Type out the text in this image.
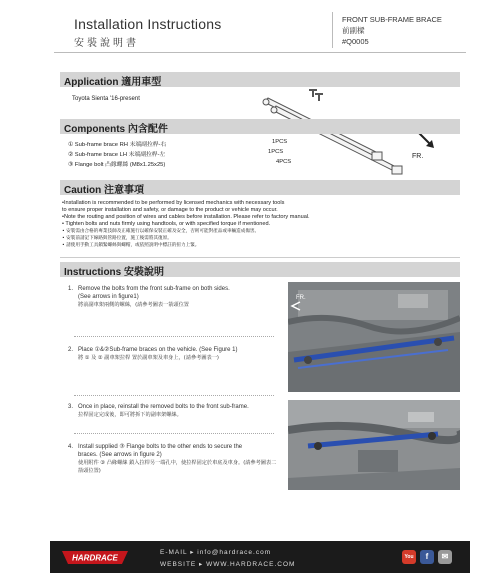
Installation Instructions
安裝說明書
FRONT SUB-FRAME BRACE
前副樑
#Q0005
Application 適用車型
Toyota Sienta '16-present
FR.
Components 內含配件
① Sub-frame brace RH 末端副拉桿-右	1PCS
② Sub-frame brace LH 末端副拉桿-左	1PCS
③ Flange bolt 凸緣螺絲 (M8x1.25x25)	4PCS
Caution 注意事項
•Installation is recommended to be performed by licensed mechanics with necessary tools
to ensure proper installation and safety, or damage to the product or vehicle may occur.
•Note the routing and position of wires and cables before installation. Please refer to factory manual.
• Tighten bolts and nuts firmly using handtools, or with specified torque if mentioned.
• 安裝需由合格的專業技師及正確施行以確保安裝正確及安全，否則可能對產品或車輛造成傷害。
• 安裝前請記下線路與管路位置，施工後需將其復原。
• 請使用手動工具鎖緊螺絲與螺帽，或依照說明中標註的扭力上緊。
Instructions 安裝說明
1. Remove the bolts from the front sub-frame on both sides.
(See arrows in figure1)
將前副車架兩側的螺絲，(請參考圖表一箭頭位置
2. Place ①&②Sub-frame braces on the vehicle. (See Figure 1)
將 ① 及 ② 副車架拉桿 置於副車架及車身上，(請參考圖表一)
3. Once in place, reinstall the removed bolts to the front sub-frame.
拉桿固定完成後，即可將拆下的副車架螺絲。
4. Install supplied ③ Flange bolts to the other ends to secure the
braces. (See arrows in figure 2)
使用附件 ③ 凸緣螺絲 鎖入拉桿另一端孔中，使拉桿固定於車底及車身。(請參考圖表二箭頭位置)
FR.
HARDRACE
E-MAIL ▸ info@hardrace.com
WEBSITE ▸ WWW.HARDRACE.COM
You	f	✉
